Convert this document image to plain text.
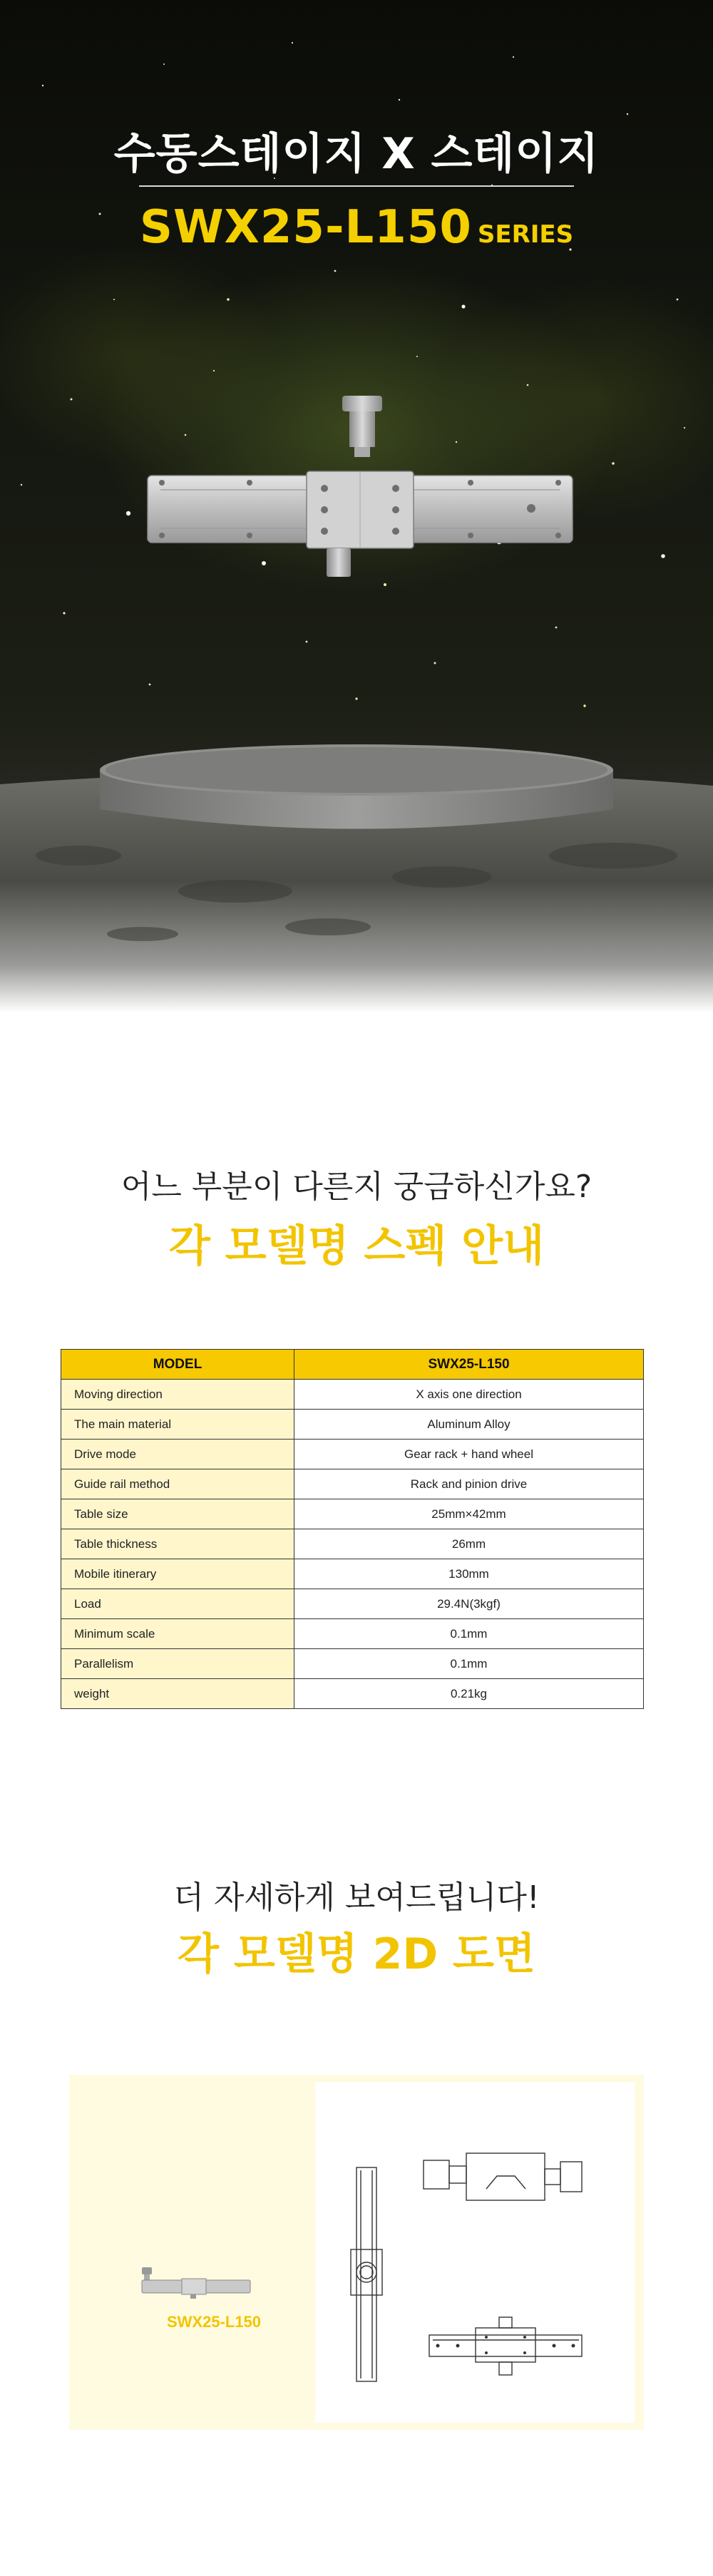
수동스테이지 X 스테이지
SWX25-L150 SERIES
어느 부분이 다른지 궁금하신가요?
각 모델명 스펙 안내
MODEL	SWX25-L150
Moving direction	X axis one direction
The main material	Aluminum Alloy
Drive mode	Gear rack + hand wheel
Guide rail method	Rack and pinion drive
Table size	25mm×42mm
Table thickness	26mm
Mobile itinerary	130mm
Load	29.4N(3kgf)
Minimum scale	0.1mm
Parallelism	0.1mm
weight	0.21kg
더 자세하게 보여드립니다!
각 모델명 2D 도면
SWX25-L150
